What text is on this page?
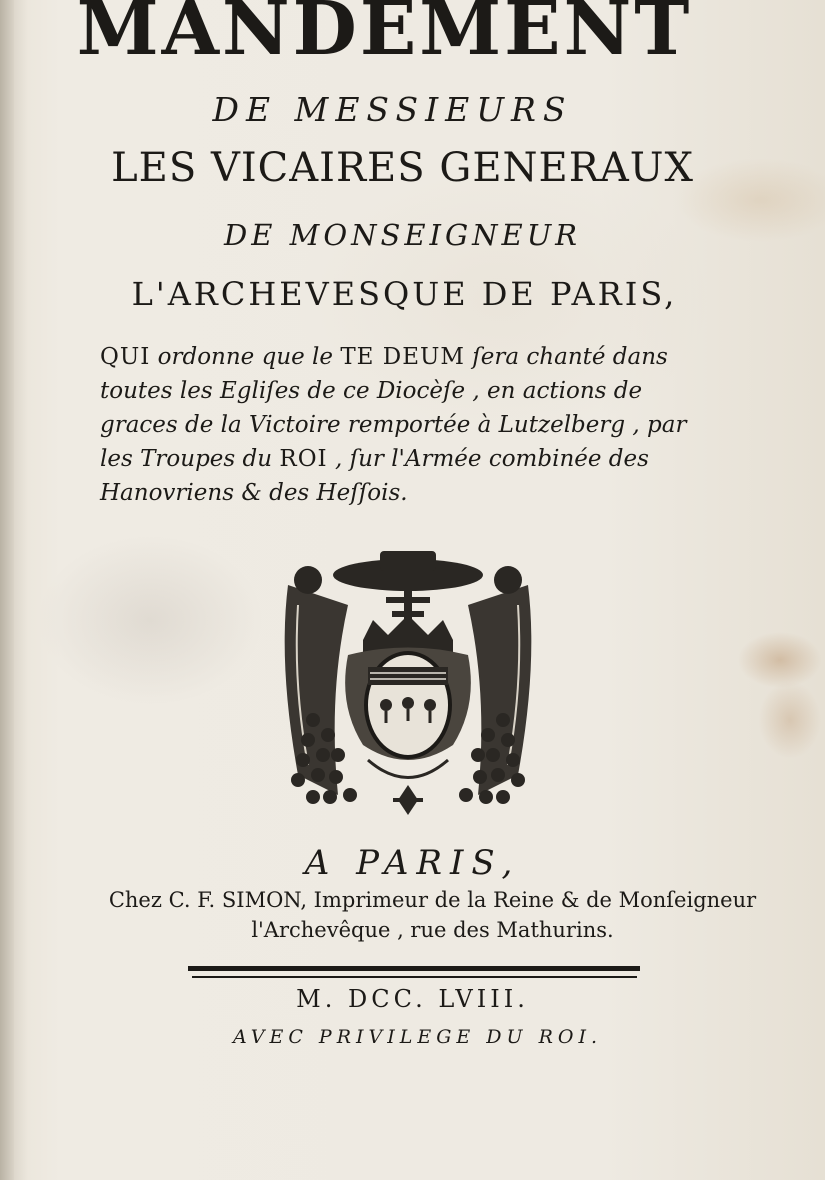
MANDEMENT
DE MESSIEURS
LES VICAIRES GENERAUX
DE MONSEIGNEUR
L'ARCHEVESQUE DE PARIS,
QUI ordonne que le TE DEUM ſera chanté dans
toutes les Egliſes de ce Diocèſe , en actions de
graces de la Victoire remportée à Lutzelberg , par
les Troupes du ROI , ſur l'Armée combinée des
Hanovriens & des Heſſois.
A PARIS,
Chez C. F. SIMON, Imprimeur de la Reine & de Monſeigneur
l'Archevêque , rue des Mathurins.
M. DCC. LVIII.
AVEC PRIVILEGE DU ROI.
